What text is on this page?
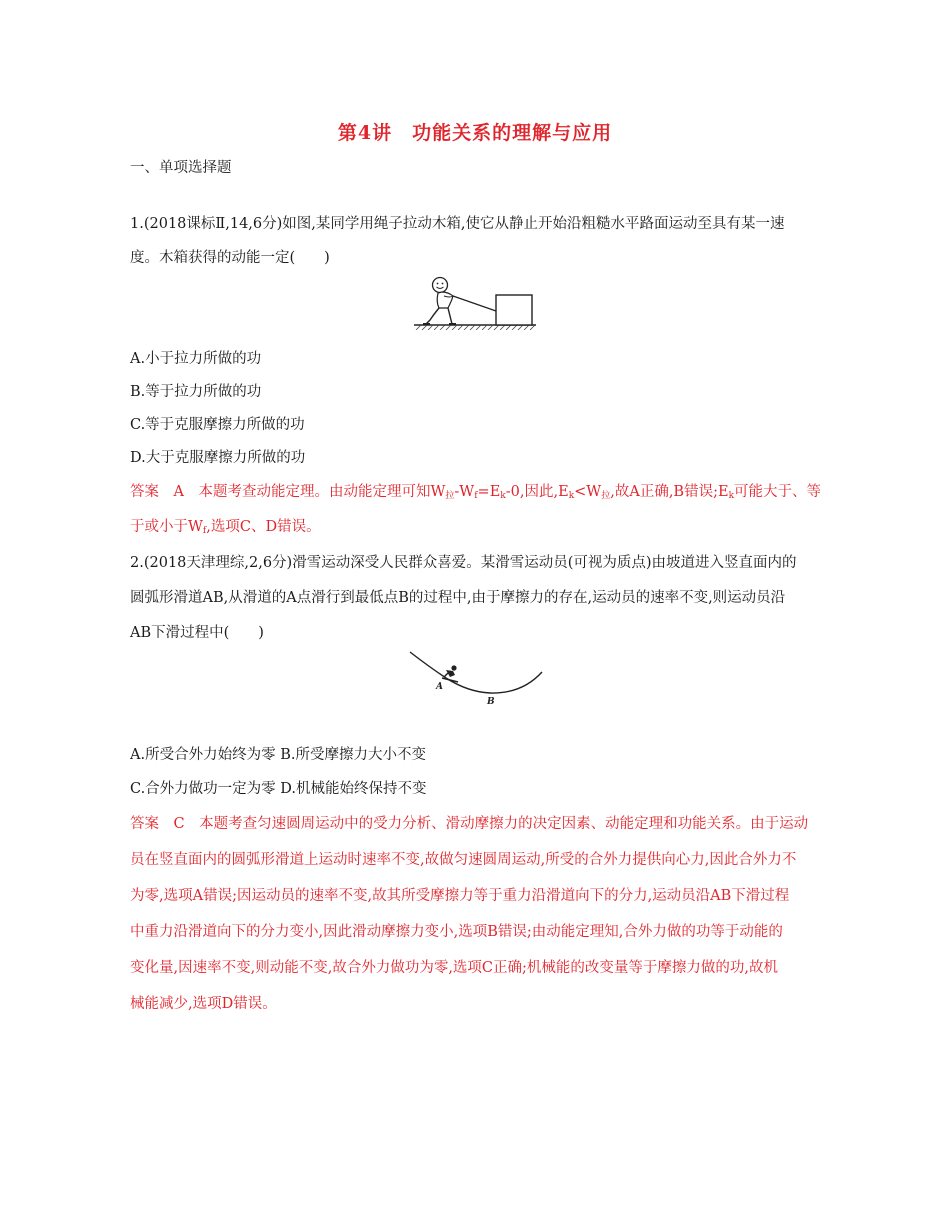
第4讲　功能关系的理解与应用
一、单项选择题
1.(2018课标Ⅱ,14,6分)如图,某同学用绳子拉动木箱,使它从静止开始沿粗糙水平路面运动至具有某一速
度。木箱获得的动能一定(　　)
A.小于拉力所做的功
B.等于拉力所做的功
C.等于克服摩擦力所做的功
D.大于克服摩擦力所做的功
答案　A　本题考查动能定理。由动能定理可知$W_拉-W_f=E_k-0$,因此$,E_k<W_拉$,故A正确,B错误$;E_k$可能大于、等
于或小于$W_f$,选项C、D错误。
2.(2018天津理综,2,6分)滑雪运动深受人民群众喜爱。某滑雪运动员(可视为质点)由坡道进入竖直面内的
圆弧形滑道AB,从滑道的A点滑行到最低点B的过程中,由于摩擦力的存在,运动员的速率不变,则运动员沿
AB下滑过程中(　　)
A
B
A.所受合外力始终为零 B.所受摩擦力大小不变
C.合外力做功一定为零 D.机械能始终保持不变
答案　C　本题考查匀速圆周运动中的受力分析、滑动摩擦力的决定因素、动能定理和功能关系。由于运动
员在竖直面内的圆弧形滑道上运动时速率不变,故做匀速圆周运动,所受的合外力提供向心力,因此合外力不
为零,选项A错误;因运动员的速率不变,故其所受摩擦力等于重力沿滑道向下的分力,运动员沿AB下滑过程
中重力沿滑道向下的分力变小,因此滑动摩擦力变小,选项B错误;由动能定理知,合外力做的功等于动能的
变化量,因速率不变,则动能不变,故合外力做功为零,选项C正确;机械能的改变量等于摩擦力做的功,故机
械能减少,选项D错误。
